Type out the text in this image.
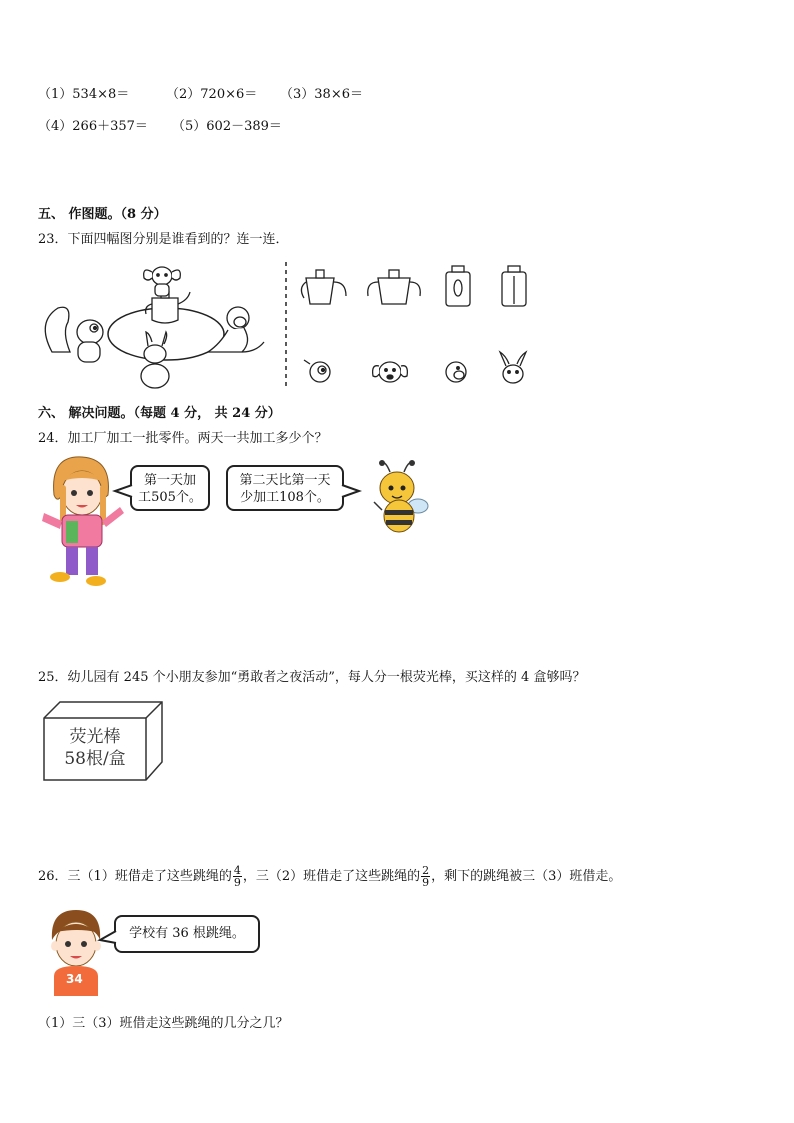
（1）534×8＝	（2）720×6＝ （3）38×6＝
（4）266＋357＝ （5）602－389＝
五、 作图题。（8 分）
23．下面四幅图分别是谁看到的？连一连．
六、 解决问题。（每题 4 分， 共 24 分）
24．加工厂加工一批零件。两天一共加工多少个？
第一天加
工505个。
第二天比第一天
少加工108个。
25．幼儿园有 245 个小朋友参加“勇敢者之夜活动”，每人分一根荧光棒，买这样的 4 盒够吗？
荧光棒
58根/盒
26．三（1）班借走了这些跳绳的 $\frac{4}{9}$ ，三（2）班借走了这些跳绳的 $\frac{2}{9}$ ，剩下的跳绳被三（3）班借走。
34
学校有 36 根跳绳。
（1）三（3）班借走这些跳绳的几分之几？
